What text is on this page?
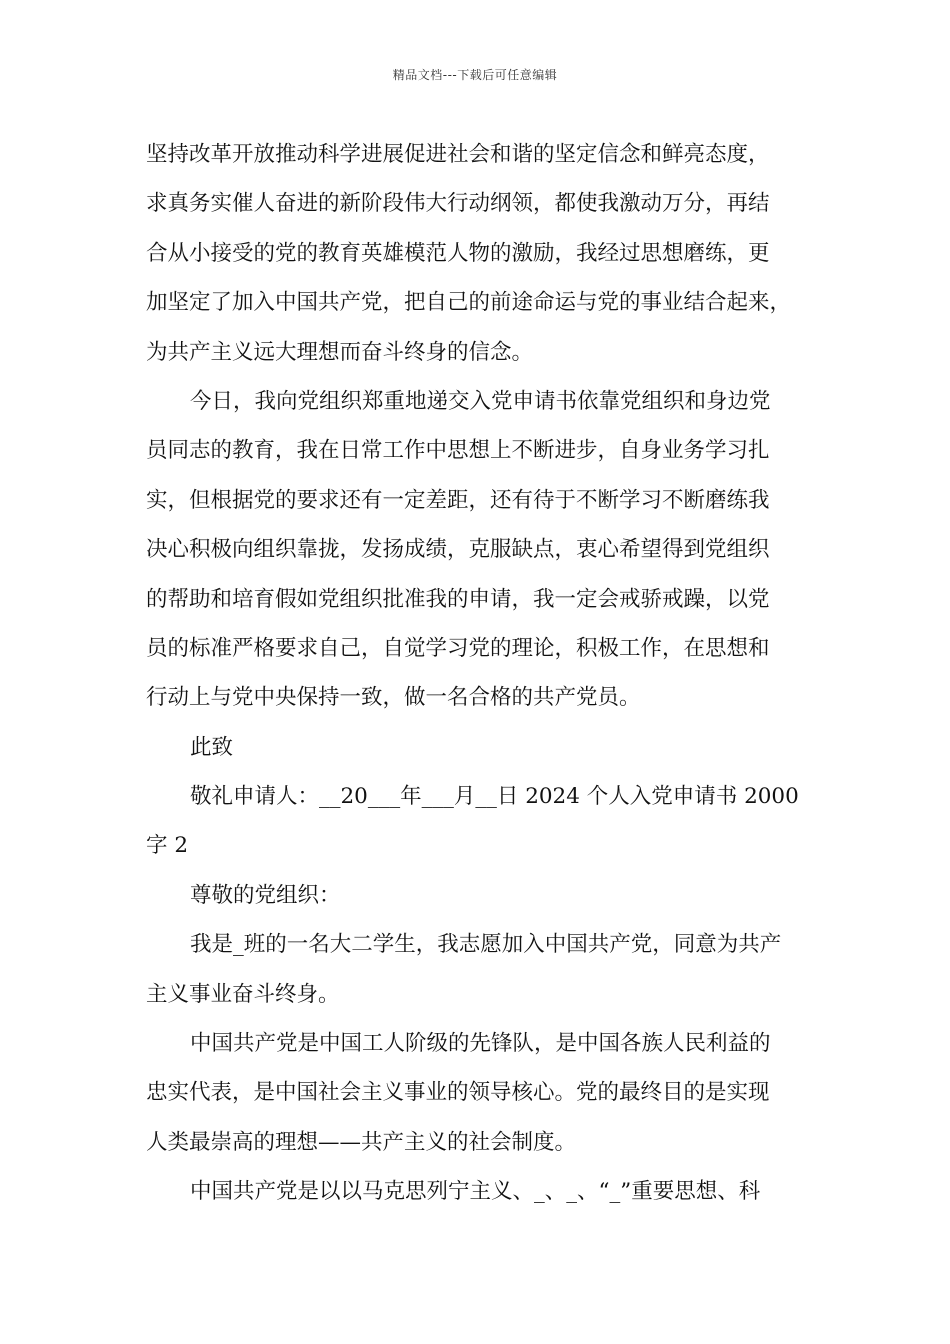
精品文档---下载后可任意编辑
坚持改革开放推动科学进展促进社会和谐的坚定信念和鲜亮态度，
求真务实催人奋进的新阶段伟大行动纲领，都使我激动万分，再结
合从小接受的党的教育英雄模范人物的激励，我经过思想磨练，更
加坚定了加入中国共产党，把自己的前途命运与党的事业结合起来，
为共产主义远大理想而奋斗终身的信念。
今日，我向党组织郑重地递交入党申请书依靠党组织和身边党
员同志的教育，我在日常工作中思想上不断进步，自身业务学习扎
实，但根据党的要求还有一定差距，还有待于不断学习不断磨练我
决心积极向组织靠拢，发扬成绩，克服缺点，衷心希望得到党组织
的帮助和培育假如党组织批准我的申请，我一定会戒骄戒躁，以党
员的标准严格要求自己，自觉学习党的理论，积极工作，在思想和
行动上与党中央保持一致，做一名合格的共产党员。
此致
敬礼申请人：__20___年___月__日 2024 个人入党申请书 2000
字 2
尊敬的党组织：
我是_班的一名大二学生，我志愿加入中国共产党，同意为共产
主义事业奋斗终身。
中国共产党是中国工人阶级的先锋队，是中国各族人民利益的
忠实代表，是中国社会主义事业的领导核心。党的最终目的是实现
人类最崇高的理想——共产主义的社会制度。
中国共产党是以以马克思列宁主义、_、_、“_”重要思想、科
